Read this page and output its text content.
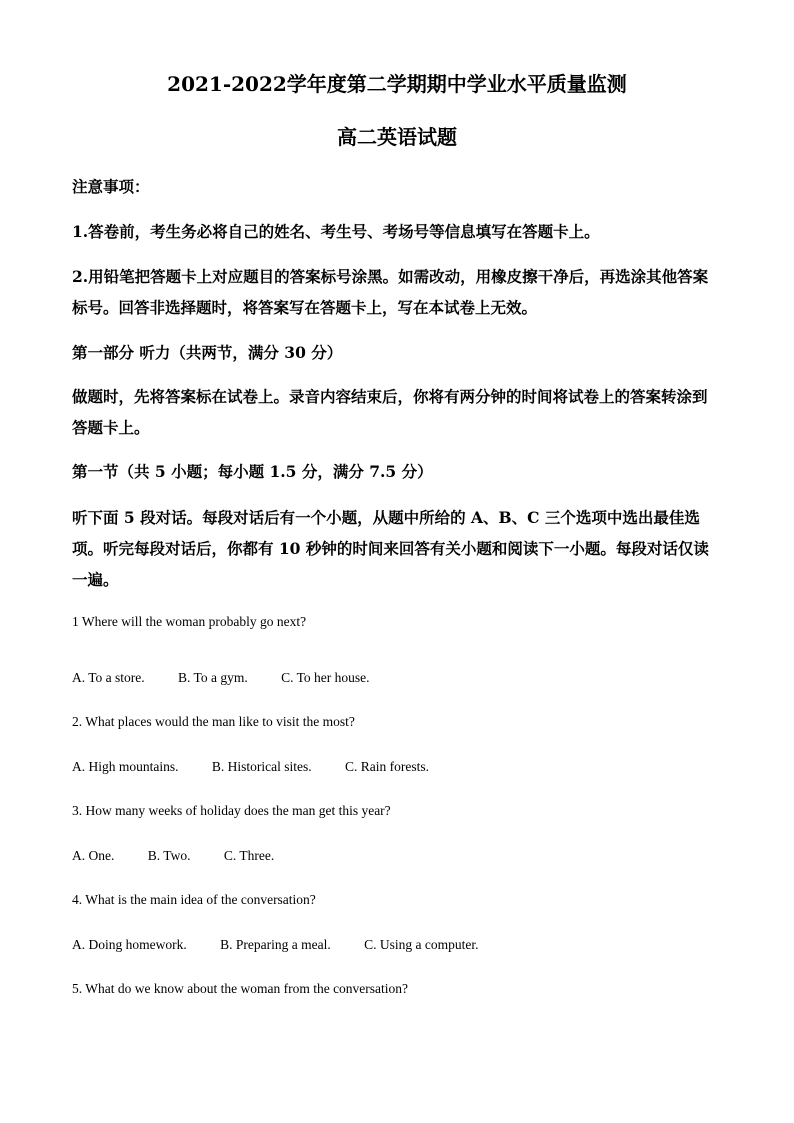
2021-2022学年度第二学期期中学业水平质量监测
高二英语试题
注意事项：
1.答卷前，考生务必将自己的姓名、考生号、考场号等信息填写在答题卡上。
2.用铅笔把答题卡上对应题目的答案标号涂黑。如需改动，用橡皮擦干净后，再选涂其他答案标号。回答非选择题时，将答案写在答题卡上，写在本试卷上无效。
第一部分 听力（共两节，满分 30 分）
做题时，先将答案标在试卷上。录音内容结束后，你将有两分钟的时间将试卷上的答案转涂到答题卡上。
第一节（共 5 小题；每小题 1.5 分，满分 7.5 分）
听下面 5 段对话。每段对话后有一个小题，从题中所给的 A、B、C 三个选项中选出最佳选项。听完每段对话后，你都有 10 秒钟的时间来回答有关小题和阅读下一小题。每段对话仅读一遍。
1 Where will the woman probably go next?
A. To a store. B. To a gym. C. To her house.
2. What places would the man like to visit the most?
A. High mountains. B. Historical sites. C. Rain forests.
3. How many weeks of holiday does the man get this year?
A. One. B. Two. C. Three.
4. What is the main idea of the conversation?
A. Doing homework. B. Preparing a meal. C. Using a computer.
5. What do we know about the woman from the conversation?
